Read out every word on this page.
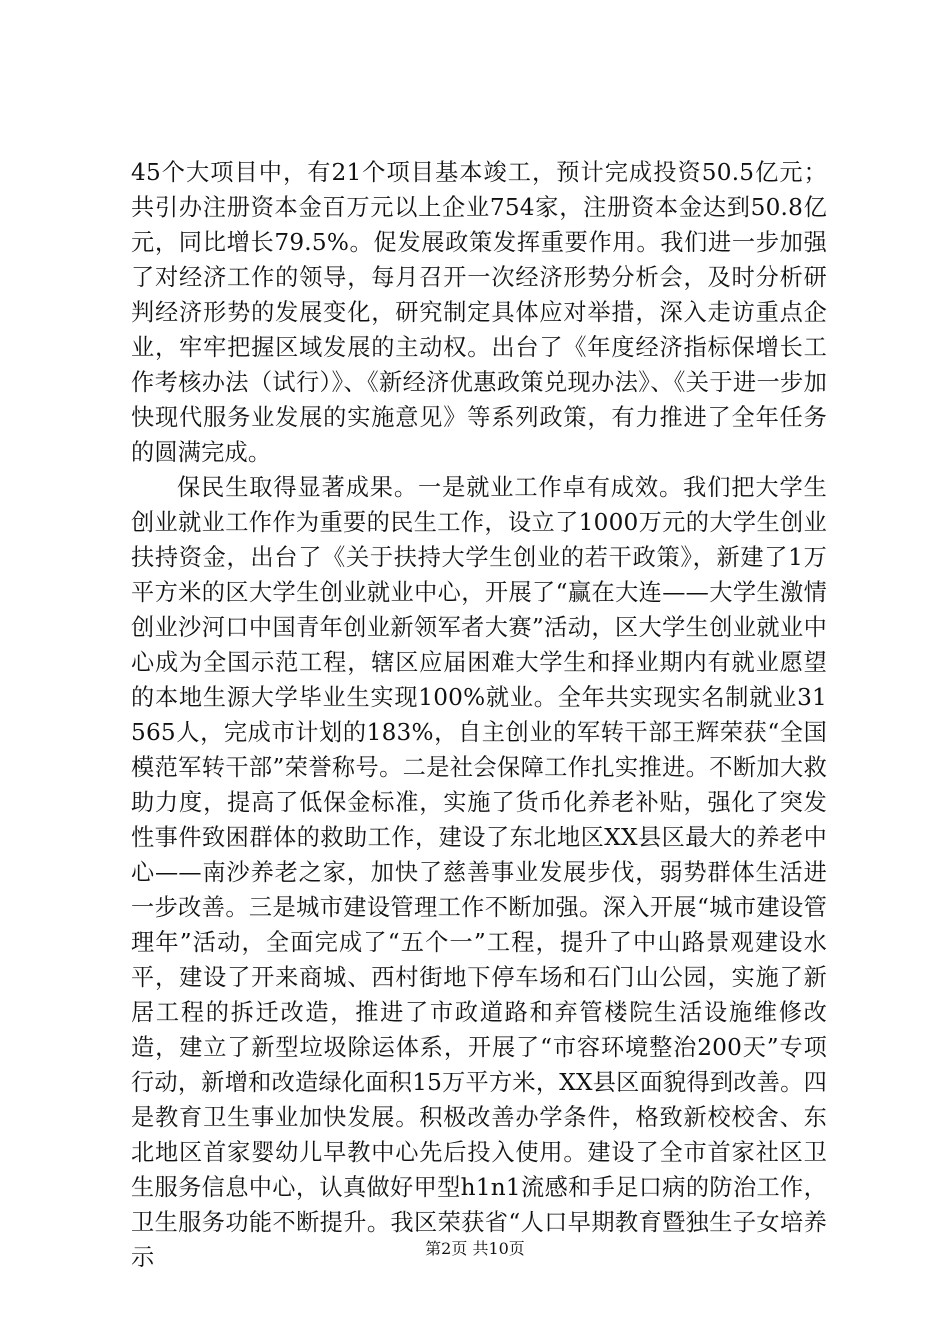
45个大项目中，有21个项目基本竣工，预计完成投资50.5亿元；共引办注册资本金百万元以上企业754家，注册资本金达到50.8亿元，同比增长79.5%。促发展政策发挥重要作用。我们进一步加强了对经济工作的领导，每月召开一次经济形势分析会，及时分析研判经济形势的发展变化，研究制定具体应对举措，深入走访重点企业，牢牢把握区域发展的主动权。出台了《年度经济指标保增长工作考核办法（试行）》、《新经济优惠政策兑现办法》、《关于进一步加快现代服务业发展的实施意见》等系列政策，有力推进了全年任务的圆满完成。

保民生取得显著成果。一是就业工作卓有成效。我们把大学生创业就业工作作为重要的民生工作，设立了1000万元的大学生创业扶持资金，出台了《关于扶持大学生创业的若干政策》，新建了1万平方米的区大学生创业就业中心，开展了“赢在大连——大学生激情创业沙河口中国青年创业新领军者大赛”活动，区大学生创业就业中心成为全国示范工程，辖区应届困难大学生和择业期内有就业愿望的本地生源大学毕业生实现100%就业。全年共实现实名制就业31565人，完成市计划的183%，自主创业的军转干部王辉荣获“全国模范军转干部”荣誉称号。二是社会保障工作扎实推进。不断加大救助力度，提高了低保金标准，实施了货币化养老补贴，强化了突发性事件致困群体的救助工作，建设了东北地区XX县区最大的养老中心——南沙养老之家，加快了慈善事业发展步伐，弱势群体生活进一步改善。三是城市建设管理工作不断加强。深入开展“城市建设管理年”活动，全面完成了“五个一”工程，提升了中山路景观建设水平，建设了开来商城、西村街地下停车场和石门山公园，实施了新居工程的拆迁改造，推进了市政道路和弃管楼院生活设施维修改造，建立了新型垃圾除运体系，开展了“市容环境整治200天”专项行动，新增和改造绿化面积15万平方米，XX县区面貌得到改善。四是教育卫生事业加快发展。积极改善办学条件，格致新校校舍、东北地区首家婴幼儿早教中心先后投入使用。建设了全市首家社区卫生服务信息中心，认真做好甲型h1n1流感和手足口病的防治工作，卫生服务功能不断提升。我区荣获省“人口早期教育暨独生子女培养示	第2页 共10页
